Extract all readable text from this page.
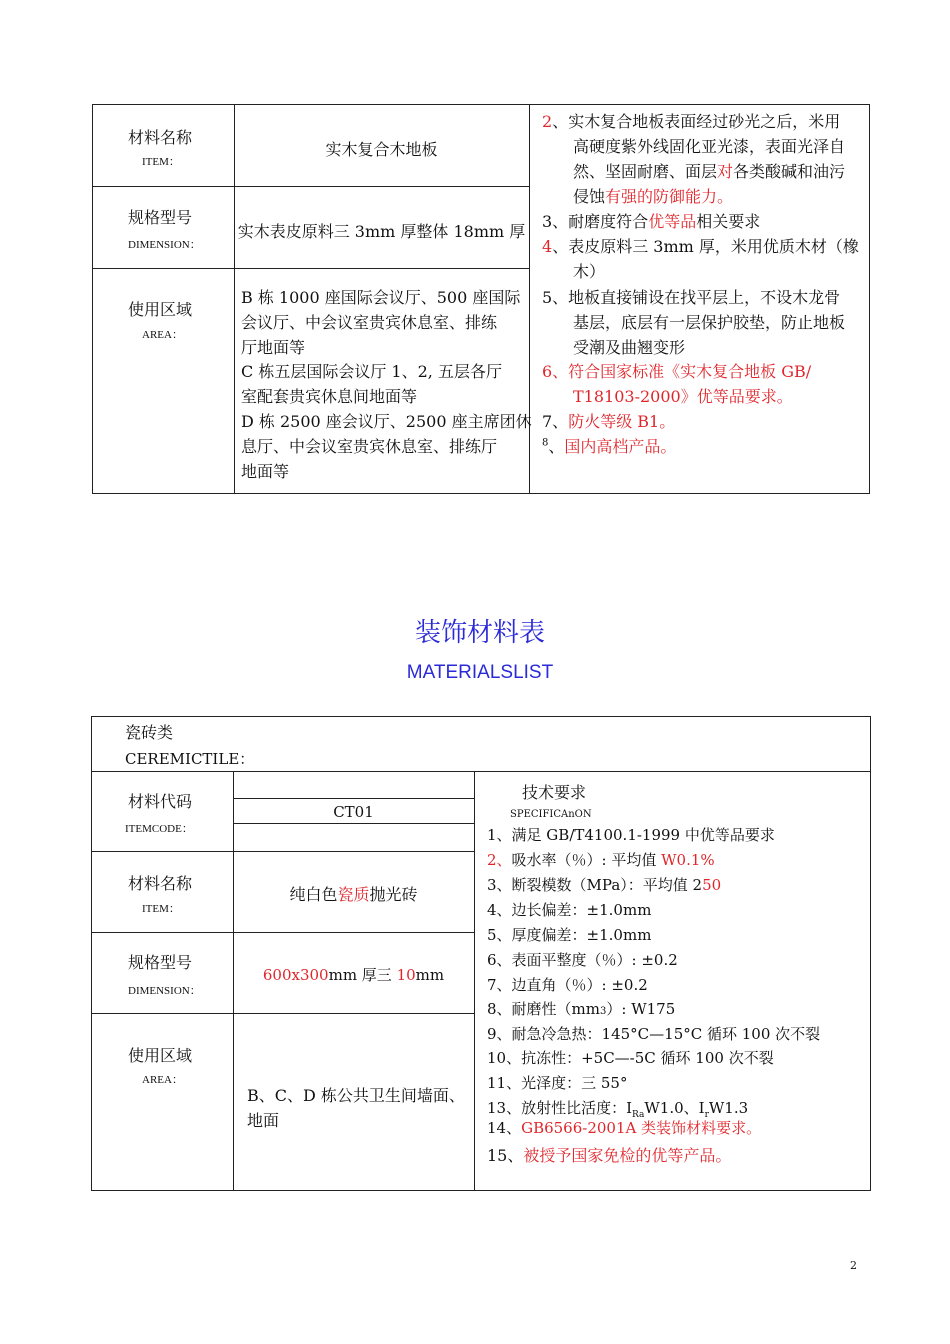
材料名称
ITEM：
实木复合木地板
规格型号
DIMENSION：
实木表皮原料三 3mm 厚整体 18mm 厚
使用区域
AREA：
B 栋 1000 座国际会议厅、500 座国际
会议厅、中会议室贵宾休息室、排练
厅地面等
C 栋五层国际会议厅 1、2, 五层各厅
室配套贵宾休息间地面等
D 栋 2500 座会议厅、2500 座主席团休
息厅、中会议室贵宾休息室、排练厅
地面等
2、实木复合地板表面经过砂光之后，米用
高硬度紫外线固化亚光漆，表面光泽自
然、坚固耐磨、面层对各类酸碱和油污
侵蚀有强的防御能力。
3、耐磨度符合优等品相关要求
4、表皮原料三 3mm 厚，米用优质木材（橡
木）
5、地板直接铺设在找平层上，不设木龙骨
基层，底层有一层保护胶垫，防止地板
受潮及曲翘变形
6、符合国家标准《实木复合地板 GB/
T18103-2000》优等品要求。
7、防火等级 B1。
$^8$、国内高档产品。
装饰材料表
MATERIALSLIST
瓷砖类
CEREMICTILE：
材料代码
ITEMCODE：
CT01
技术要求
SPECIFICAnON
材料名称
ITEM：
纯白色瓷质抛光砖
规格型号
DIMENSION：
600x300mm 厚三 10mm
使用区域
AREA：
B、C、D 栋公共卫生间墙面、
地面
1、满足 GB/T4100.1-1999 中优等品要求
2、吸水率（％）: 平均值 W0.1%
3、断裂模数（MPa）：平均值 250
4、边长偏差：±1.0mm
5、厚度偏差：±1.0mm
6、表面平整度（％）: ±0.2
7、边直角（％）: ±0.2
8、耐磨性（mm3）: W175
9、耐急冷急热：145°C—15°C 循环 100 次不裂
10、抗冻性：+5C—-5C 循环 100 次不裂
11、光泽度：三 55°
13、放射性比活度：$I_{Ra}W1.0$、$I_rW1.3$
14、GB6566-2001A 类装饰材料要求。
15、被授予国家免检的优等产品。
2
